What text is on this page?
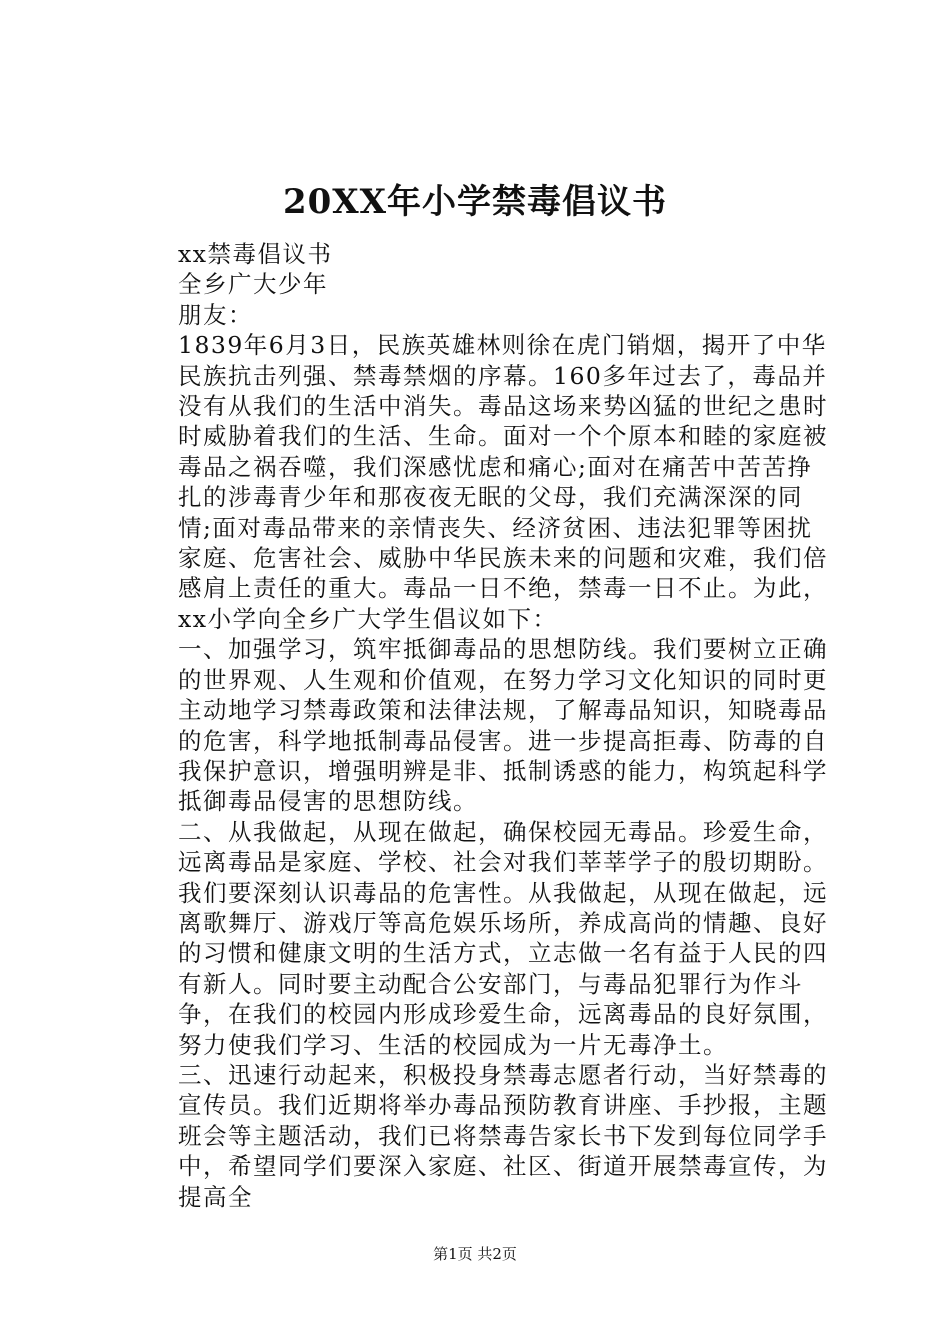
20XX年小学禁毒倡议书
xx禁毒倡议书
全乡广大少年
朋友：

1839年6月3日，民族英雄林则徐在虎门销烟，揭开了中华民族抗击列强、禁毒禁烟的序幕。160多年过去了，毒品并没有从我们的生活中消失。毒品这场来势凶猛的世纪之患时时威胁着我们的生活、生命。面对一个个原本和睦的家庭被毒品之祸吞噬，我们深感忧虑和痛心;面对在痛苦中苦苦挣扎的涉毒青少年和那夜夜无眠的父母，我们充满深深的同情;面对毒品带来的亲情丧失、经济贫困、违法犯罪等困扰家庭、危害社会、威胁中华民族未来的问题和灾难，我们倍感肩上责任的重大。毒品一日不绝，禁毒一日不止。为此，xx小学向全乡广大学生倡议如下：

一、加强学习，筑牢抵御毒品的思想防线。我们要树立正确的世界观、人生观和价值观，在努力学习文化知识的同时更主动地学习禁毒政策和法律法规，了解毒品知识，知晓毒品的危害，科学地抵制毒品侵害。进一步提高拒毒、防毒的自我保护意识，增强明辨是非、抵制诱惑的能力，构筑起科学抵御毒品侵害的思想防线。

二、从我做起，从现在做起，确保校园无毒品。珍爱生命，远离毒品是家庭、学校、社会对我们莘莘学子的殷切期盼。我们要深刻认识毒品的危害性。从我做起，从现在做起，远离歌舞厅、游戏厅等高危娱乐场所，养成高尚的情趣、良好的习惯和健康文明的生活方式，立志做一名有益于人民的四有新人。同时要主动配合公安部门，与毒品犯罪行为作斗争，在我们的校园内形成珍爱生命，远离毒品的良好氛围，努力使我们学习、生活的校园成为一片无毒净土。

三、迅速行动起来，积极投身禁毒志愿者行动，当好禁毒的宣传员。我们近期将举办毒品预防教育讲座、手抄报，主题班会等主题活动，我们已将禁毒告家长书下发到每位同学手中，希望同学们要深入家庭、社区、街道开展禁毒宣传，为提高全

第1页 共2页
